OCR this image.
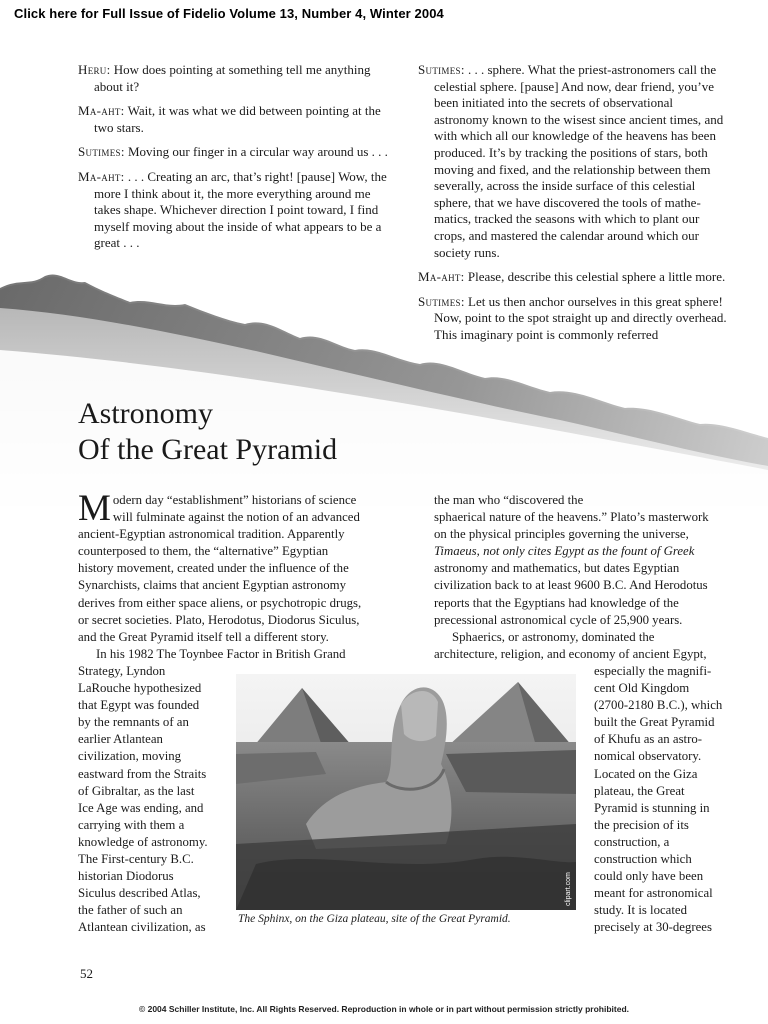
Click here for Full Issue of Fidelio Volume 13, Number 4, Winter 2004

Heru: How does pointing at something tell me anything about it?

Ma-aht: Wait, it was what we did between pointing at the two stars.

Sutimes: Moving our finger in a circular way around us . . .

Ma-aht: . . . Creating an arc, that’s right! [pause] Wow, the more I think about it, the more everything around me takes shape. Whichever direction I point toward, I find myself moving about the inside of what appears to be a great . . .

Sutimes: . . . sphere. What the priest-astronomers call the celestial sphere. [pause] And now, dear friend, you’ve been initiated into the secrets of observational astronomy known to the wisest since ancient times, and with which all our knowledge of the heavens has been produced. It’s by tracking the positions of stars, both moving and fixed, and the relationship between them severally, across the inside surface of this celestial sphere, that we have discovered the tools of mathe- matics, tracked the seasons with which to plant our crops, and mastered the calendar around which our society runs.

Ma-aht: Please, describe this celestial sphere a little more.

Sutimes: Let us then anchor ourselves in this great sphere! Now, point to the spot straight up and directly overhead. This imaginary point is commonly referred

Astronomy
Of the Great Pyramid
M odern day “establishment” historians of science
will fulminate against the notion of an advanced
ancient-Egyptian astronomical tradition. Apparently
counterposed to them, the “alternative” Egyptian
history movement, created under the influence of the
Synarchists, claims that ancient Egyptian astronomy
derives from either space aliens, or psychotropic drugs,
or secret societies. Plato, Herodotus, Diodorus Siculus,
and the Great Pyramid itself tell a different story.
In his 1982 The Toynbee Factor in British Grand
Strategy, Lyndon
LaRouche hypothesized
that Egypt was founded
by the remnants of an
earlier Atlantean
civilization, moving
eastward from the Straits
of Gibraltar, as the last
Ice Age was ending, and
carrying with them a
knowledge of astronomy.
The First-century B.C.
historian Diodorus
Siculus described Atlas,
the father of such an
Atlantean civilization, as
the man who “discovered the
sphaerical nature of the heavens.” Plato’s masterwork
on the physical principles governing the universe,
Timaeus, not only cites Egypt as the fount of Greek
astronomy and mathematics, but dates Egyptian
civilization back to at least 9600 B.C. And Herodotus
reports that the Egyptians had knowledge of the
precessional astronomical cycle of 25,900 years.
Sphaerics, or astronomy, dominated the
architecture, religion, and economy of ancient Egypt,
especially the magnifi-
cent Old Kingdom
(2700-2180 B.C.), which
built the Great Pyramid
of Khufu as an astro-
nomical observatory.
Located on the Giza
plateau, the Great
Pyramid is stunning in
the precision of its
construction, a
construction which
could only have been
meant for astronomical
study. It is located
precisely at 30-degrees
clipart.com
The Sphinx, on the Giza plateau, site of the Great Pyramid.
52
© 2004 Schiller Institute, Inc. All Rights Reserved. Reproduction in whole or in part without permission strictly prohibited.
